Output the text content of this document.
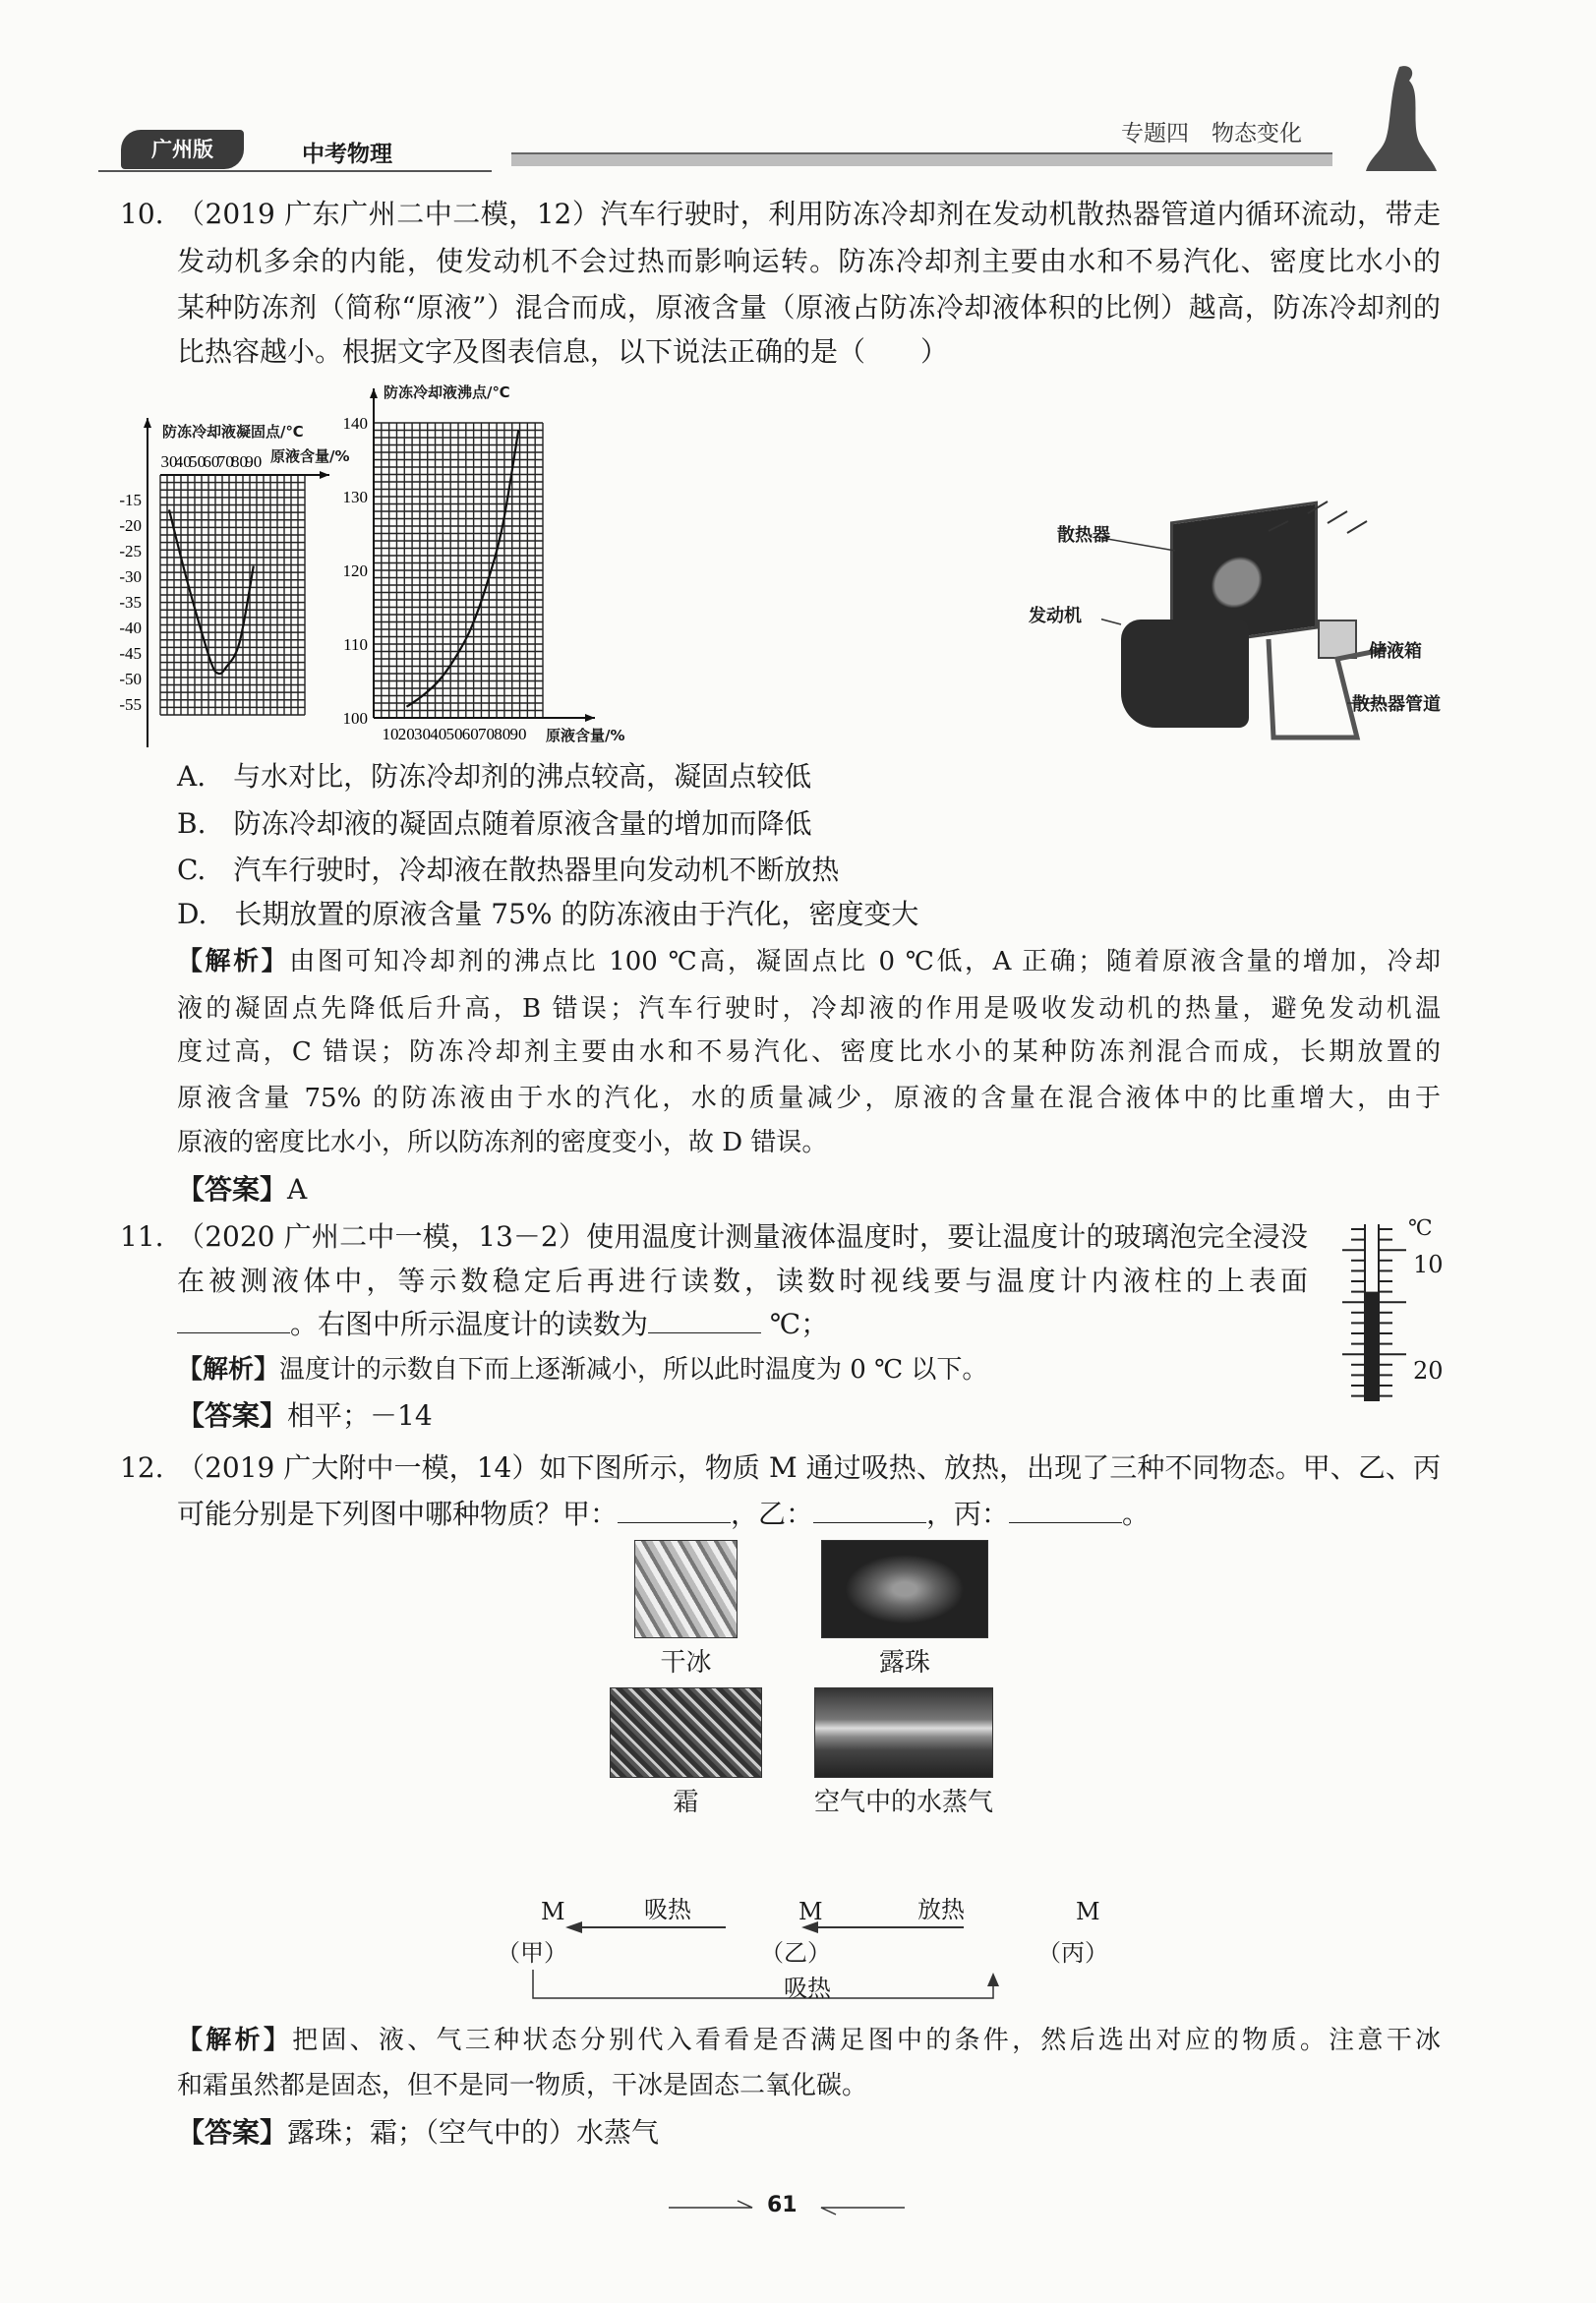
广州版	中考物理
专题四　物态变化
10. （2019 广东广州二中二模，12）汽车行驶时，利用防冻冷却剂在发动机散热器管道内循环流动，带走
发动机多余的内能，使发动机不会过热而影响运转。防冻冷却剂主要由水和不易汽化、密度比水小的
某种防冻剂（简称“原液”）混合而成，原液含量（原液占防冻冷却液体积的比例）越高，防冻冷却剂的
比热容越小。根据文字及图表信息，以下说法正确的是（　　）
-15
-20
-25
-30
-35
-40
-45
-50
-55
30
40
50
60
70
80
90
100
110
120
130
140
10 20 30 40 50 60 70 80 90
防冻冷却液凝固点/℃
原液含量/%
防冻冷却液沸点/℃
原液含量/%
散热器
发动机
储液箱
散热器管道
A.　与水对比，防冻冷却剂的沸点较高，凝固点较低
B.　防冻冷却液的凝固点随着原液含量的增加而降低
C.　汽车行驶时，冷却液在散热器里向发动机不断放热
D.　长期放置的原液含量 75% 的防冻液由于汽化，密度变大
【解析】由图可知冷却剂的沸点比 100 ℃高，凝固点比 0 ℃低，A 正确；随着原液含量的增加，冷却
液的凝固点先降低后升高，B 错误；汽车行驶时，冷却液的作用是吸收发动机的热量，避免发动机温
度过高，C 错误；防冻冷却剂主要由水和不易汽化、密度比水小的某种防冻剂混合而成，长期放置的
原液含量 75% 的防冻液由于水的汽化，水的质量减少，原液的含量在混合液体中的比重增大，由于
原液的密度比水小，所以防冻剂的密度变小，故 D 错误。
【答案】A
11. （2020 广州二中一模，13－2）使用温度计测量液体温度时，要让温度计的玻璃泡完全浸没
在被测液体中，等示数稳定后再进行读数，读数时视线要与温度计内液柱的上表面
。右图中所示温度计的读数为	℃；
【解析】温度计的示数自下而上逐渐减小，所以此时温度为 0 ℃ 以下。
【答案】相平；－14
℃
10
20
12. （2019 广大附中一模，14）如下图所示，物质 M 通过吸热、放热，出现了三种不同物态。甲、乙、丙
可能分别是下列图中哪种物质？甲：	，乙：	，丙：	。
干冰	露珠
霜	空气中的水蒸气
M	M	M
（甲）	（乙）	（丙）
吸热	放热
吸热
【解析】把固、液、气三种状态分别代入看看是否满足图中的条件，然后选出对应的物质。注意干冰
和霜虽然都是固态，但不是同一物质，干冰是固态二氧化碳。
【答案】露珠；霜；（空气中的）水蒸气
61
